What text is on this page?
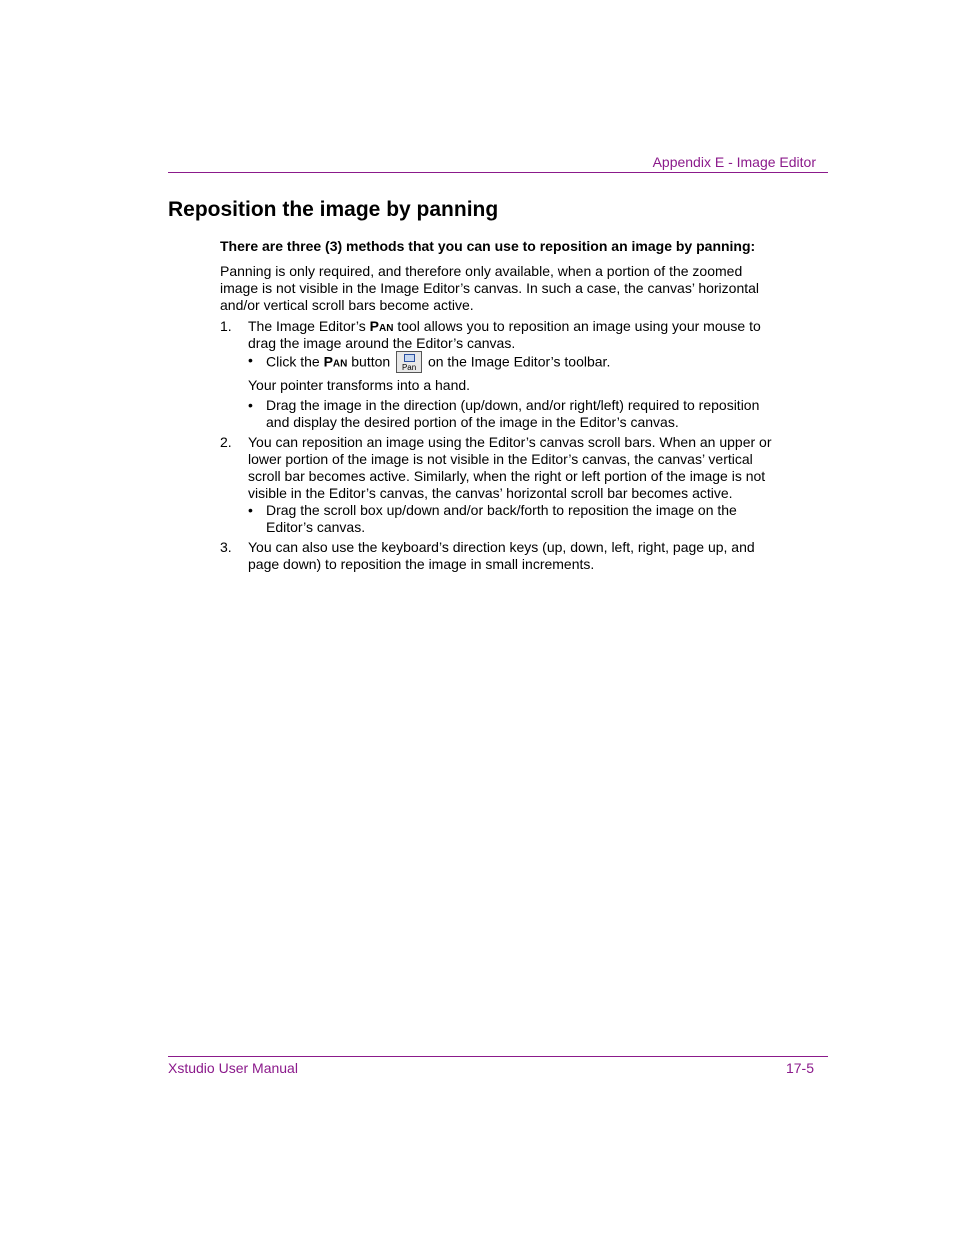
Appendix E - Image Editor
Reposition the image by panning

There are three (3) methods that you can use to reposition an image by panning:

Panning is only required, and therefore only available, when a portion of the zoomed image is not visible in the Image Editor’s canvas. In such a case, the canvas’ horizontal and/or vertical scroll bars become active.

1. The Image Editor’s Pan tool allows you to reposition an image using your mouse to drag the image around the Editor’s canvas.
• Click the Pan button Pan on the Image Editor’s toolbar.
Your pointer transforms into a hand.
• Drag the image in the direction (up/down, and/or right/left) required to reposition and display the desired portion of the image in the Editor’s canvas.
2. You can reposition an image using the Editor’s canvas scroll bars. When an upper or lower portion of the image is not visible in the Editor’s canvas, the canvas’ vertical scroll bar becomes active. Similarly, when the right or left portion of the image is not visible in the Editor’s canvas, the canvas’ horizontal scroll bar becomes active.
• Drag the scroll box up/down and/or back/forth to reposition the image on the Editor’s canvas.
3. You can also use the keyboard’s direction keys (up, down, left, right, page up, and page down) to reposition the image in small increments.
Xstudio User Manual	17-5
